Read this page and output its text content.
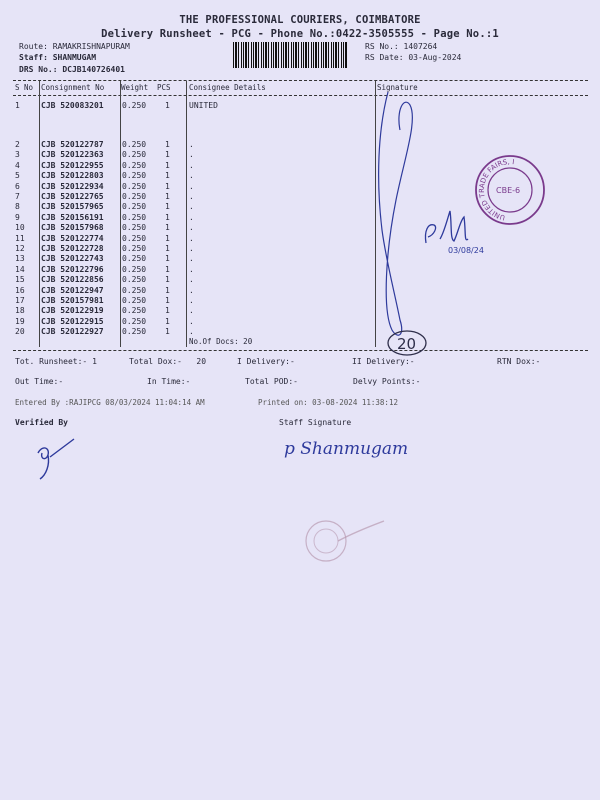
THE PROFESSIONAL COURIERS, COIMBATORE
Delivery Runsheet - PCG - Phone No.:0422-3505555 - Page No.:1
Route: RAMAKRISHNAPURAM
Staff: SHANMUGAM
DRS No.: DCJB140726401
RS No.: 1407264
RS Date: 03-Aug-2024
S No Consignment No Weight PCS Consignee Details	Signature
1	CJB 520083201 0.250 1 UNITED
2	CJB 520122787 0.250 1 .
3	CJB 520122363 0.250 1 .
4	CJB 520122955 0.250 1 .
5	CJB 520122803 0.250 1 .
6	CJB 520122934 0.250 1 .
7	CJB 520122765 0.250 1 .
8	CJB 520157965 0.250 1 .
9	CJB 520156191 0.250 1 .
10 CJB 520157968 0.250 1 .
11 CJB 520122774 0.250 1 .
12 CJB 520122728 0.250 1 .
13 CJB 520122743 0.250 1 .
14 CJB 520122796 0.250 1 .
15 CJB 520122856 0.250 1 .
16 CJB 520122947 0.250 1 .
17 CJB 520157981 0.250 1 .
18 CJB 520122919 0.250 1 .
19 CJB 520122915 0.250 1 .
20 CJB 520122927 0.250 1 .
No.Of Docs: 20
Tot. Runsheet:- 1	Total Dox:-   20	I Delivery:-	II Delivery:-	RTN Dox:-
Out Time:-	In Time:-	Total POD:-	Delvy Points:-
Entered By :RAJIPCG 08/03/2024 11:04:14 AM	Printed on: 03-08-2024 11:38:12
Verified By	Staff Signature
20
03/08/24
UNITED TRADE FAIRS, INDIA
CBE-6
p Shanmugam
